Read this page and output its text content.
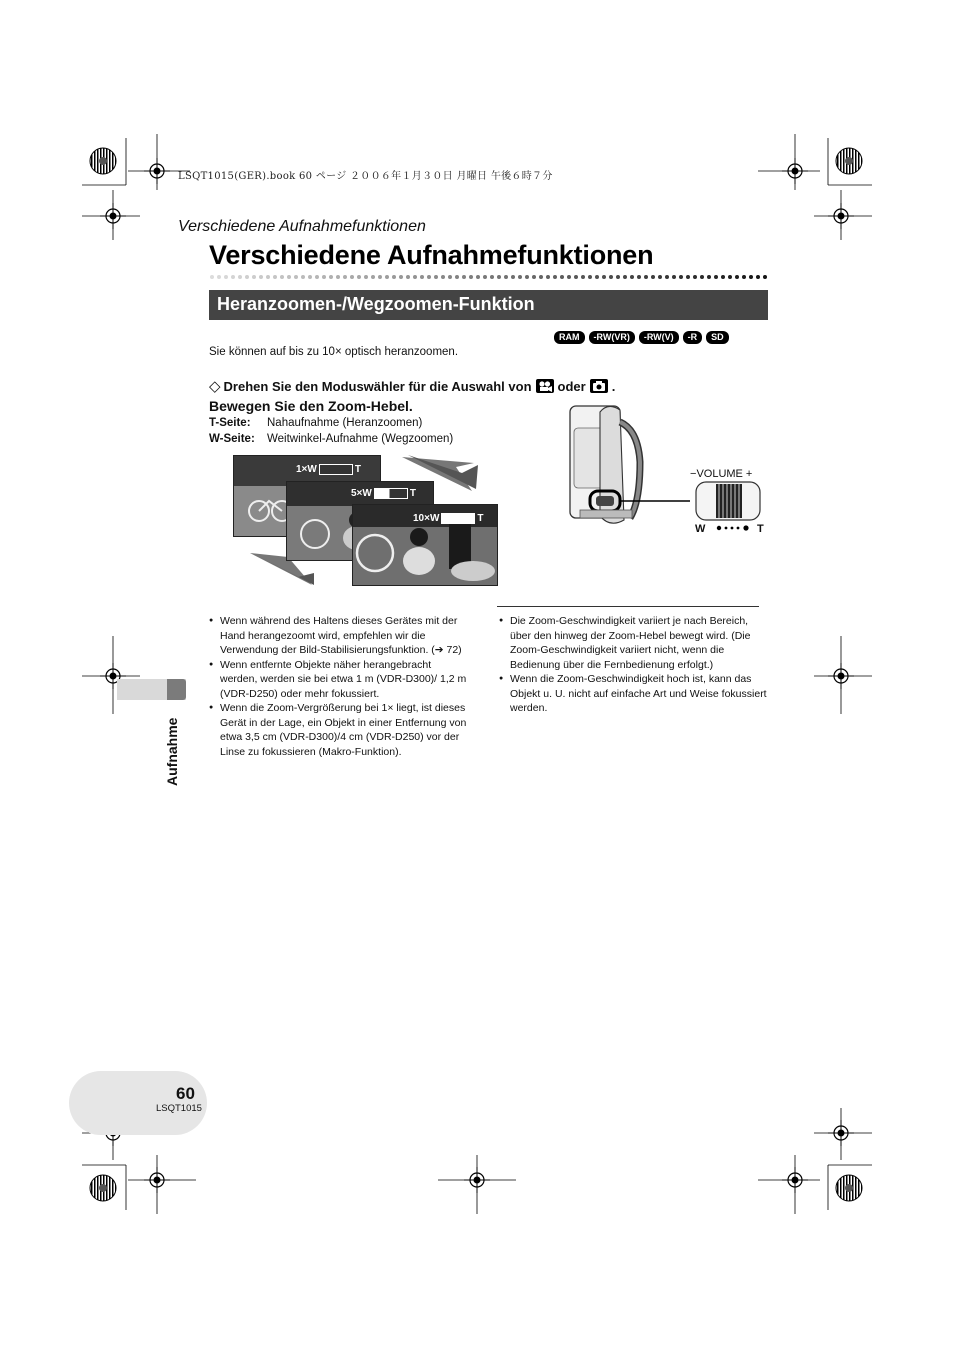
LSQT1015(GER).book 60 ページ ２００６年１月３０日 月曜日 午後６時７分
Verschiedene Aufnahmefunktionen
Verschiedene Aufnahmefunktionen
Heranzoomen-/Wegzoomen-Funktion
RAM	-RW(VR)	-RW(V)	-R	SD
Sie können auf bis zu 10× optisch heranzoomen.
◇ Drehen Sie den Moduswähler für die Auswahl von oder .
Bewegen Sie den Zoom-Hebel.
T-Seite: Nahaufnahme (Heranzoomen)
W-Seite: Weitwinkel-Aufnahme (Wegzoomen)
1×W	T
5×W	T
10×W	T
−VOLUME +
W	T

● Wenn während des Haltens dieses Gerätes mit der Hand herangezoomt wird, empfehlen wir die Verwendung der Bild-Stabilisierungsfunktion. (➔ 72)

● Wenn entfernte Objekte näher herangebracht werden, werden sie bei etwa 1 m (VDR-D300)/ 1,2 m (VDR-D250) oder mehr fokussiert.

● Wenn die Zoom-Vergrößerung bei 1× liegt, ist dieses Gerät in der Lage, ein Objekt in einer Entfernung von etwa 3,5 cm (VDR-D300)/4 cm (VDR-D250) vor der Linse zu fokussieren (Makro-Funktion).

● Die Zoom-Geschwindigkeit variiert je nach Bereich, über den hinweg der Zoom-Hebel bewegt wird. (Die Zoom-Geschwindigkeit variiert nicht, wenn die Bedienung über die Fernbedienung erfolgt.)

● Wenn die Zoom-Geschwindigkeit hoch ist, kann das Objekt u. U. nicht auf einfache Art und Weise fokussiert werden.

Aufnahme
60
LSQT1015
